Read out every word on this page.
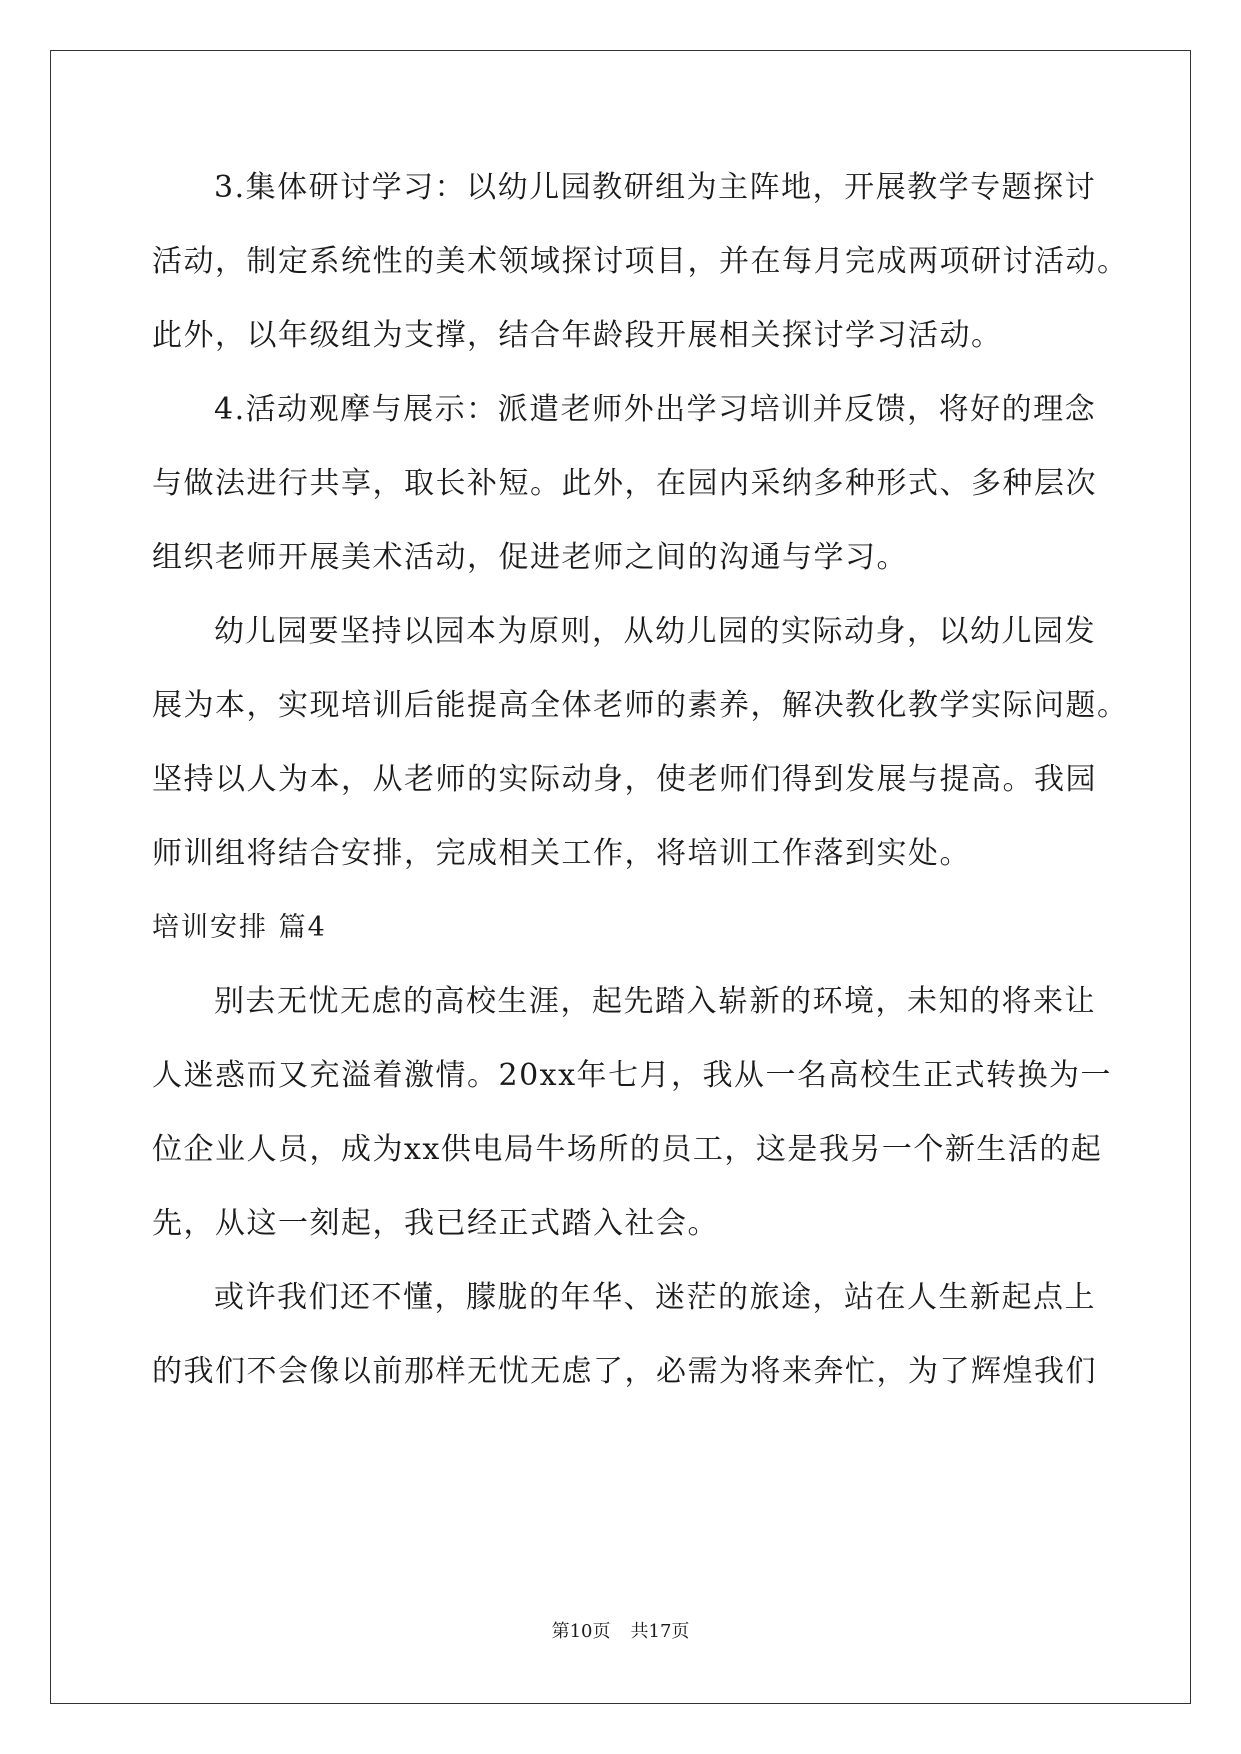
3.集体研讨学习：以幼儿园教研组为主阵地，开展教学专题探讨
活动，制定系统性的美术领域探讨项目，并在每月完成两项研讨活动。
此外，以年级组为支撑，结合年龄段开展相关探讨学习活动。
4.活动观摩与展示：派遣老师外出学习培训并反馈，将好的理念
与做法进行共享，取长补短。此外，在园内采纳多种形式、多种层次
组织老师开展美术活动，促进老师之间的沟通与学习。
幼儿园要坚持以园本为原则，从幼儿园的实际动身，以幼儿园发
展为本，实现培训后能提高全体老师的素养，解决教化教学实际问题。
坚持以人为本，从老师的实际动身，使老师们得到发展与提高。我园
师训组将结合安排，完成相关工作，将培训工作落到实处。
培训安排 篇4
别去无忧无虑的高校生涯，起先踏入崭新的环境，未知的将来让
人迷惑而又充溢着激情。20xx年七月，我从一名高校生正式转换为一
位企业人员，成为xx供电局牛场所的员工，这是我另一个新生活的起
先，从这一刻起，我已经正式踏入社会。
或许我们还不懂，朦胧的年华、迷茫的旅途，站在人生新起点上
的我们不会像以前那样无忧无虑了，必需为将来奔忙，为了辉煌我们
第10页 共17页
